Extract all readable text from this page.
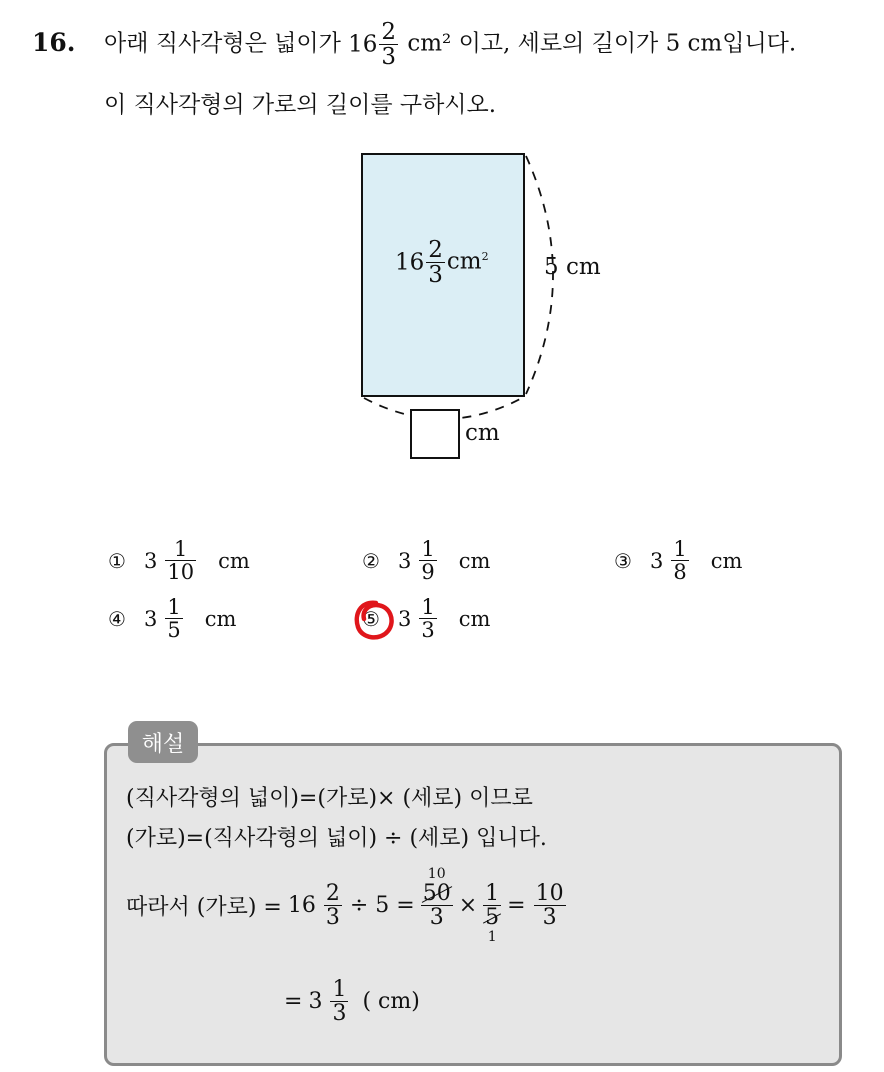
16. 아래 직사각형은 넓이가 $16 \frac{2}{3} cm^2$ 이고, 세로의 길이가 5 cm입니다.
이 직사각형의 가로의 길이를 구하시오.
$16 \frac{2}{3} cm^2$ 5 cm
cm
① $3 \frac{1}{10}$ cm	② $3 \frac{1}{9}$ cm	③ $3 \frac{1}{8}$ cm
④ $3 \frac{1}{5}$ cm	⑤ $3 \frac{1}{3}$ cm
해설
(직사각형의 넓이)=(가로)× (세로) 이므로
(가로)=(직사각형의 넓이) ÷ (세로) 입니다.
따라서 (가로) = $16 \frac{2}{3} \div 5$ =
10
$\frac{50}{3} \times \frac{1}{5}$
1
= $\frac{10}{3}$
= $3 \frac{1}{3}$ ( cm)
